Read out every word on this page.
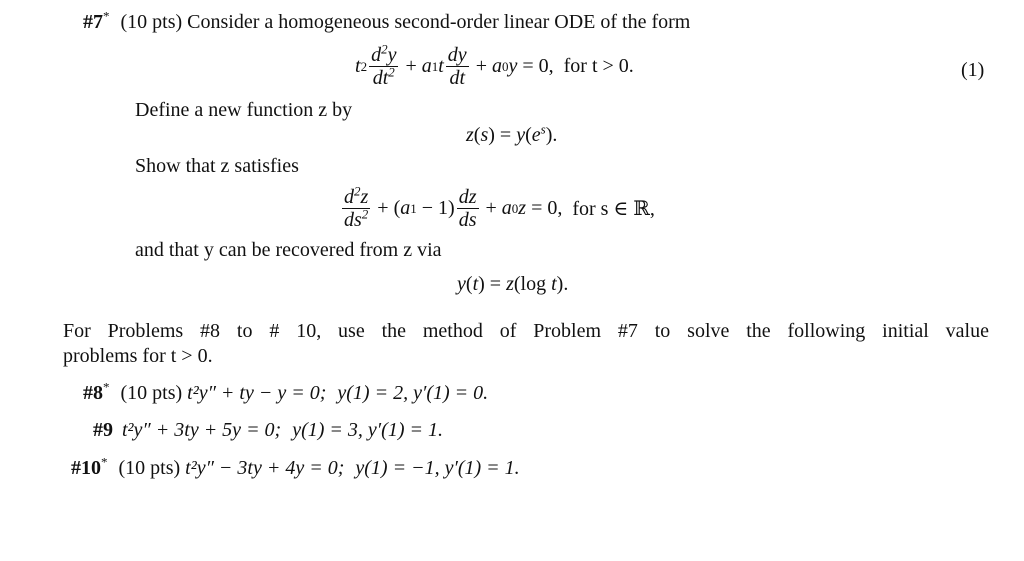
#7* (10 pts) Consider a homogeneous second-order linear ODE of the form
t $2 \frac{d^2y}{dt^2} + a$ 1 t $\frac{dy}{dt} + a$ 0 y = 0, for t > 0.	(1)
Define a new function z by
$z(s) = y(e^s)$.
Show that z satisfies
$\frac{d^2z}{ds^2}$ + ( a $1 - 1) \frac{dz}{ds} + a$ 0 z = 0, for s ∈ ℝ,
and that y can be recovered from z via
y(t) = z(log t).
For Problems #8 to # 10, use the method of Problem #7 to solve the following initial value
problems for t > 0.
#8* (10 pts) t²y″ + ty − y = 0; y(1) = 2, y′(1) = 0.
#9 t²y″ + 3ty + 5y = 0; y(1) = 3, y′(1) = 1.
#10* (10 pts) t²y″ − 3ty + 4y = 0; y(1) = −1, y′(1) = 1.
